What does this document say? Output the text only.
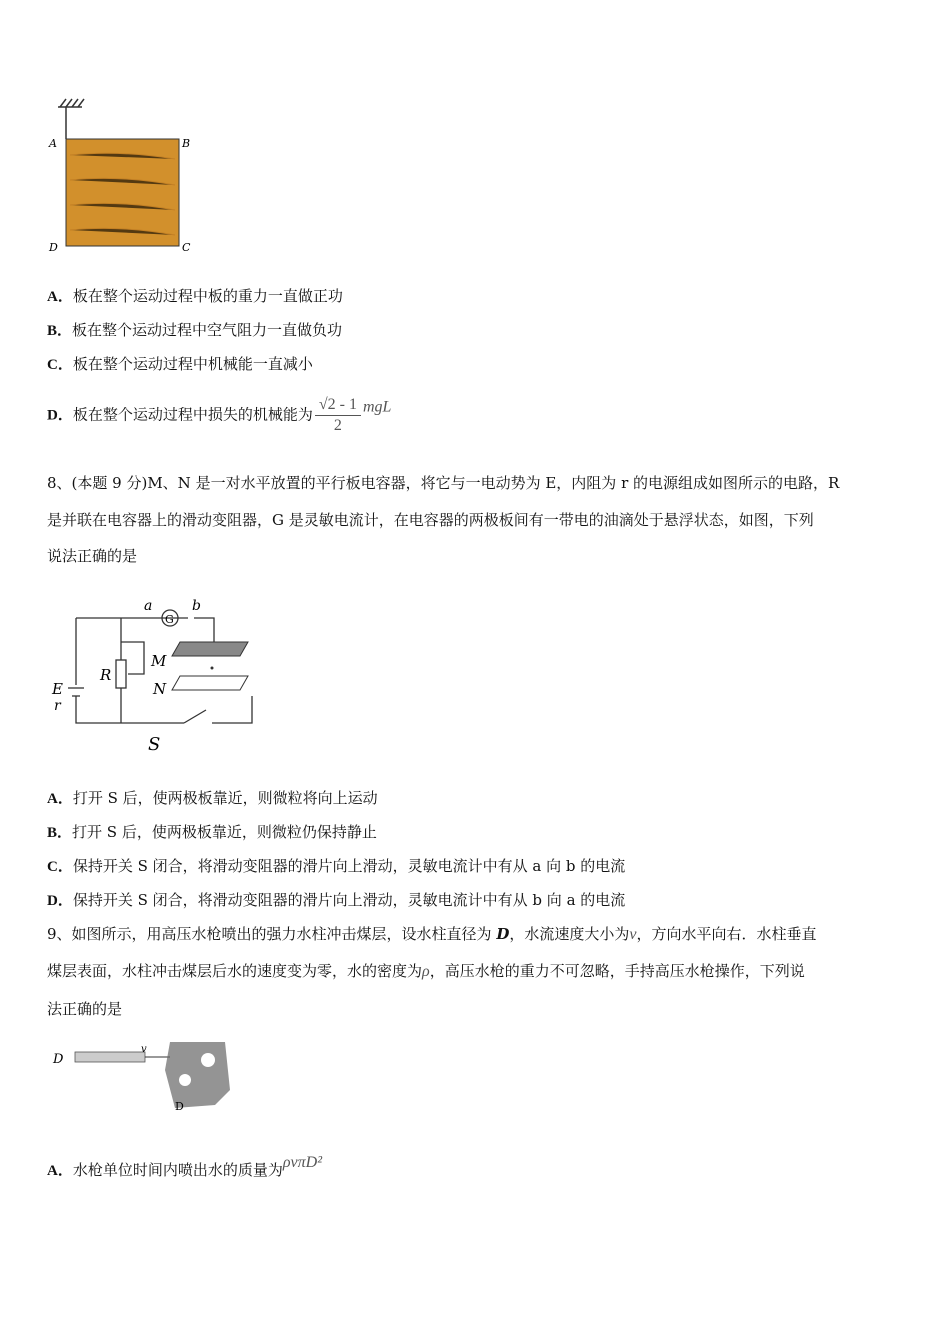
A	B
C
D
A．板在整个运动过程中板的重力一直做正功
B．板在整个运动过程中空气阻力一直做负功
C．板在整个运动过程中机械能一直减小
D．板在整个运动过程中损失的机械能为 $\frac{√2 - 1}{2}$ mgL
8、(本题 9 分)M、N 是一对水平放置的平行板电容器，将它与一电动势为 E，内阻为 r 的电源组成如图所示的电路，R
是并联在电容器上的滑动变阻器，G 是灵敏电流计，在电容器的两极板间有一带电的油滴处于悬浮状态，如图，下列
说法正确的是
a
G
b
M
N
R
E
r
S
A．打开 S 后，使两极板靠近，则微粒将向上运动
B．打开 S 后，使两极板靠近，则微粒仍保持静止
C．保持开关 S 闭合，将滑动变阻器的滑片向上滑动，灵敏电流计中有从 a 向 b 的电流
D．保持开关 S 闭合，将滑动变阻器的滑片向上滑动，灵敏电流计中有从 b 向 a 的电流
9、如图所示，用高压水枪喷出的强力水柱冲击煤层，设水柱直径为 D，水流速度大小为v，方向水平向右．水柱垂直
煤层表面，水柱冲击煤层后水的速度变为零，水的密度为ρ，高压水枪的重力不可忽略，手持高压水枪操作，下列说
法正确的是
D
v
D
A．水枪单位时间内喷出水的质量为ρvπD²
